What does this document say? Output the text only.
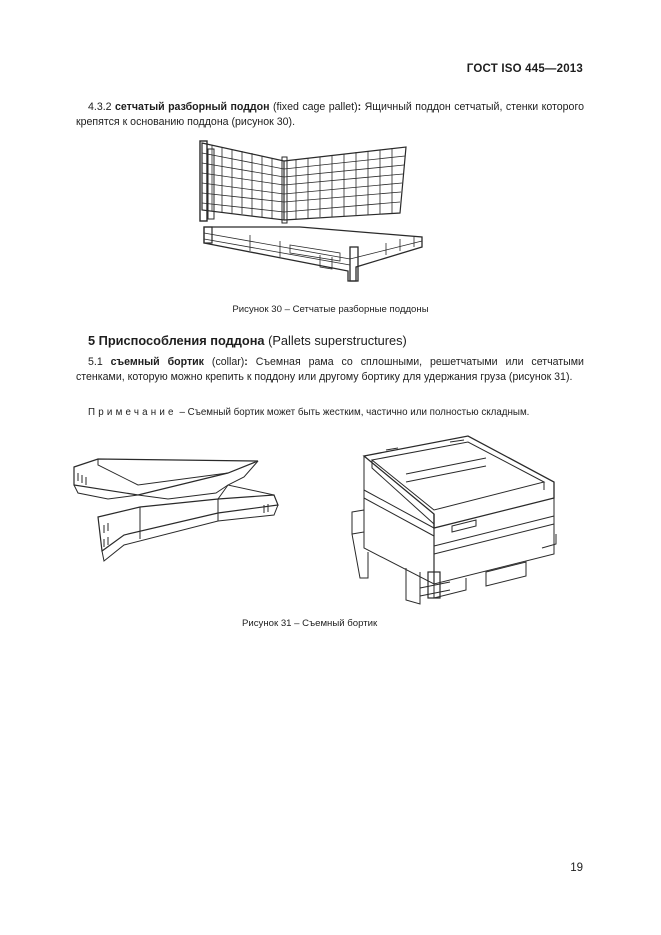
ГОСТ ISO 445—2013
4.3.2 сетчатый разборный поддон (fixed cage pallet): Ящичный поддон сетчатый, стенки которого крепятся к основанию поддона (рисунок 30).
Рисунок 30 – Сетчатые разборные поддоны
5 Приспособления поддона (Pallets superstructures)
5.1 съемный бортик (collar): Съемная рама со сплошными, решетчатыми или сетчатыми стенками, которую можно крепить к поддону или другому бортику для удержания груза (рисунок 31).
Примечание – Съемный бортик может быть жестким, частично или полностью складным.
Рисунок 31 – Съемный бортик
19
